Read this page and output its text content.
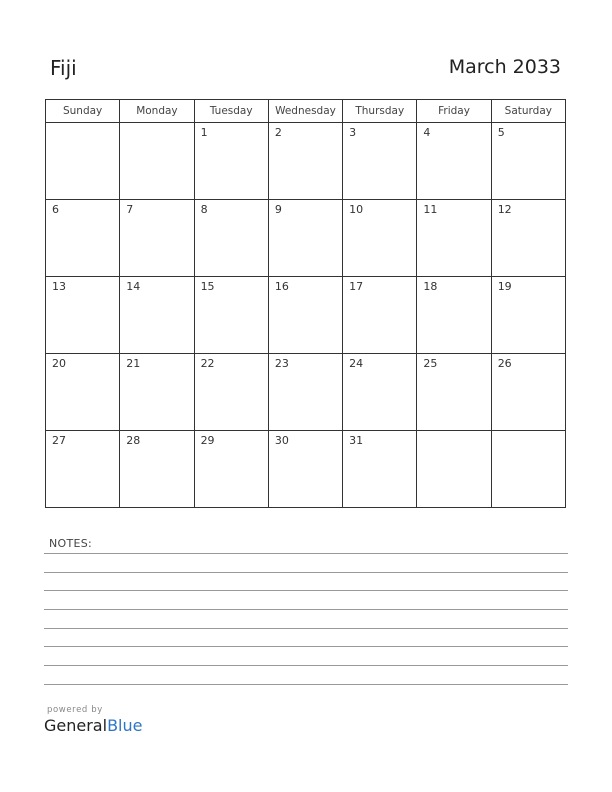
Fiji	March 2033
Sunday	Monday	Tuesday	Wednesday	Thursday	Friday	Saturday

		1	2	3	4	5

6	7	8	9	10	11	12

13	14	15	16	17	18	19

20	21	22	23	24	25	26

27	28	29	30	31		

NOTES:
powered by
GeneralBlue
